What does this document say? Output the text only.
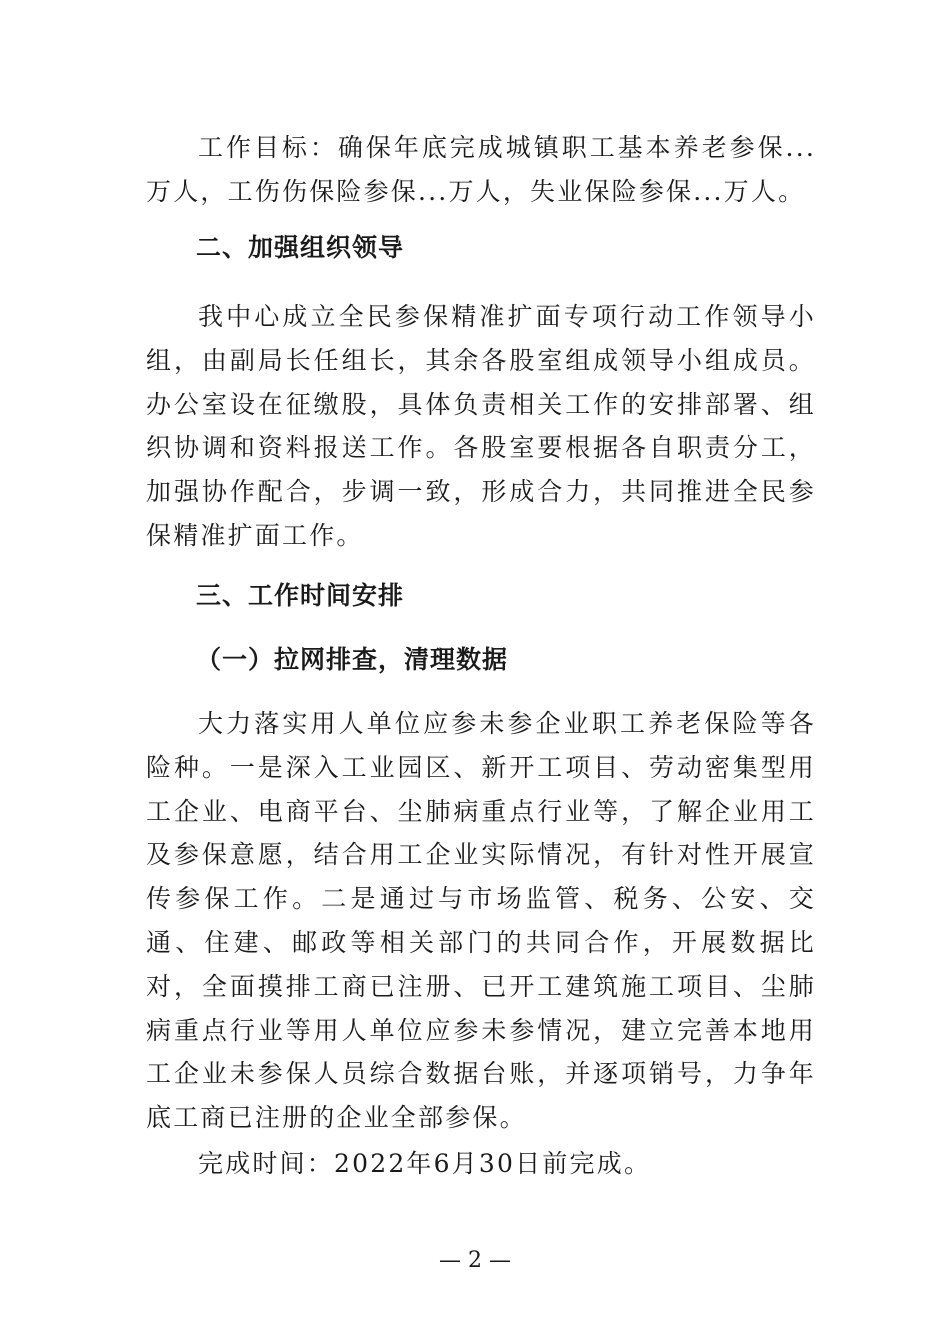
工作目标：确保年底完成城镇职工基本养老参保...万人，工伤伤保险参保...万人，失业保险参保...万人。

二、加强组织领导

我中心成立全民参保精准扩面专项行动工作领导小组，由副局长任组长，其余各股室组成领导小组成员。办公室设在征缴股，具体负责相关工作的安排部署、组织协调和资料报送工作。各股室要根据各自职责分工，加强协作配合，步调一致，形成合力，共同推进全民参保精准扩面工作。

三、工作时间安排
（一）拉网排查，清理数据

大力落实用人单位应参未参企业职工养老保险等各险种。一是深入工业园区、新开工项目、劳动密集型用工企业、电商平台、尘肺病重点行业等，了解企业用工及参保意愿，结合用工企业实际情况，有针对性开展宣传参保工作。二是通过与市场监管、税务、公安、交通、住建、邮政等相关部门的共同合作，开展数据比对，全面摸排工商已注册、已开工建筑施工项目、尘肺病重点行业等用人单位应参未参情况，建立完善本地用工企业未参保人员综合数据台账，并逐项销号，力争年底工商已注册的企业全部参保。

完成时间：2022年6月30日前完成。

— 2 —
